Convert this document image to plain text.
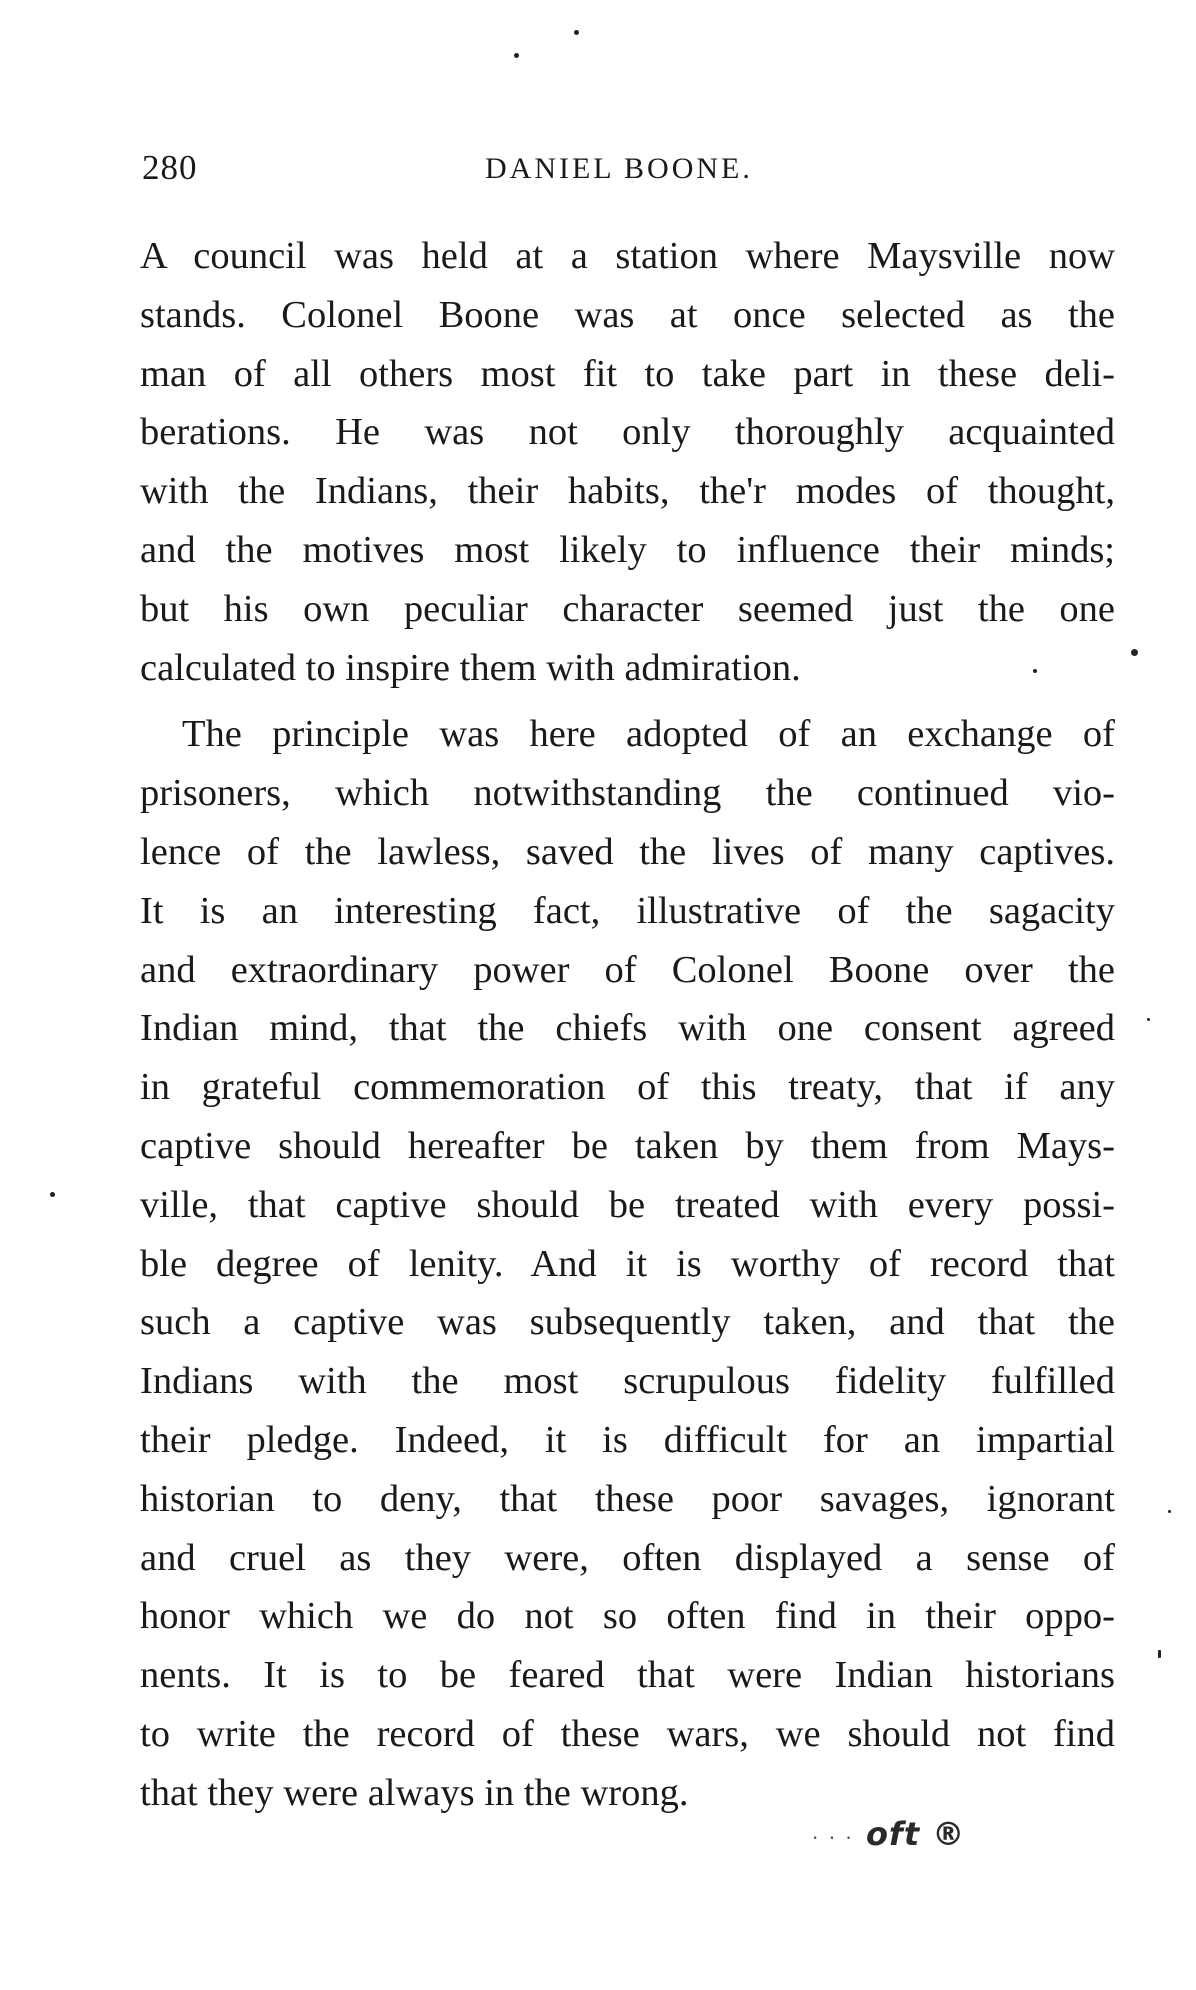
280	DANIEL BOONE.
A council was held at a station where Maysville now
stands. Colonel Boone was at once selected as the
man of all others most fit to take part in these deli-
berations. He was not only thoroughly acquainted
with the Indians, their habits, the'r modes of thought,
and the motives most likely to influence their minds;
but his own peculiar character seemed just the one
calculated to inspire them with admiration.
The principle was here adopted of an exchange of
prisoners, which notwithstanding the continued vio-
lence of the lawless, saved the lives of many captives.
It is an interesting fact, illustrative of the sagacity
and extraordinary power of Colonel Boone over the
Indian mind, that the chiefs with one consent agreed
in grateful commemoration of this treaty, that if any
captive should hereafter be taken by them from Mays-
ville, that captive should be treated with every possi-
ble degree of lenity. And it is worthy of record that
such a captive was subsequently taken, and that the
Indians with the most scrupulous fidelity fulfilled
their pledge. Indeed, it is difficult for an impartial
historian to deny, that these poor savages, ignorant
and cruel as they were, often displayed a sense of
honor which we do not so often find in their oppo-
nents. It is to be feared that were Indian historians
to write the record of these wars, we should not find
that they were always in the wrong.
· · · oft ®
